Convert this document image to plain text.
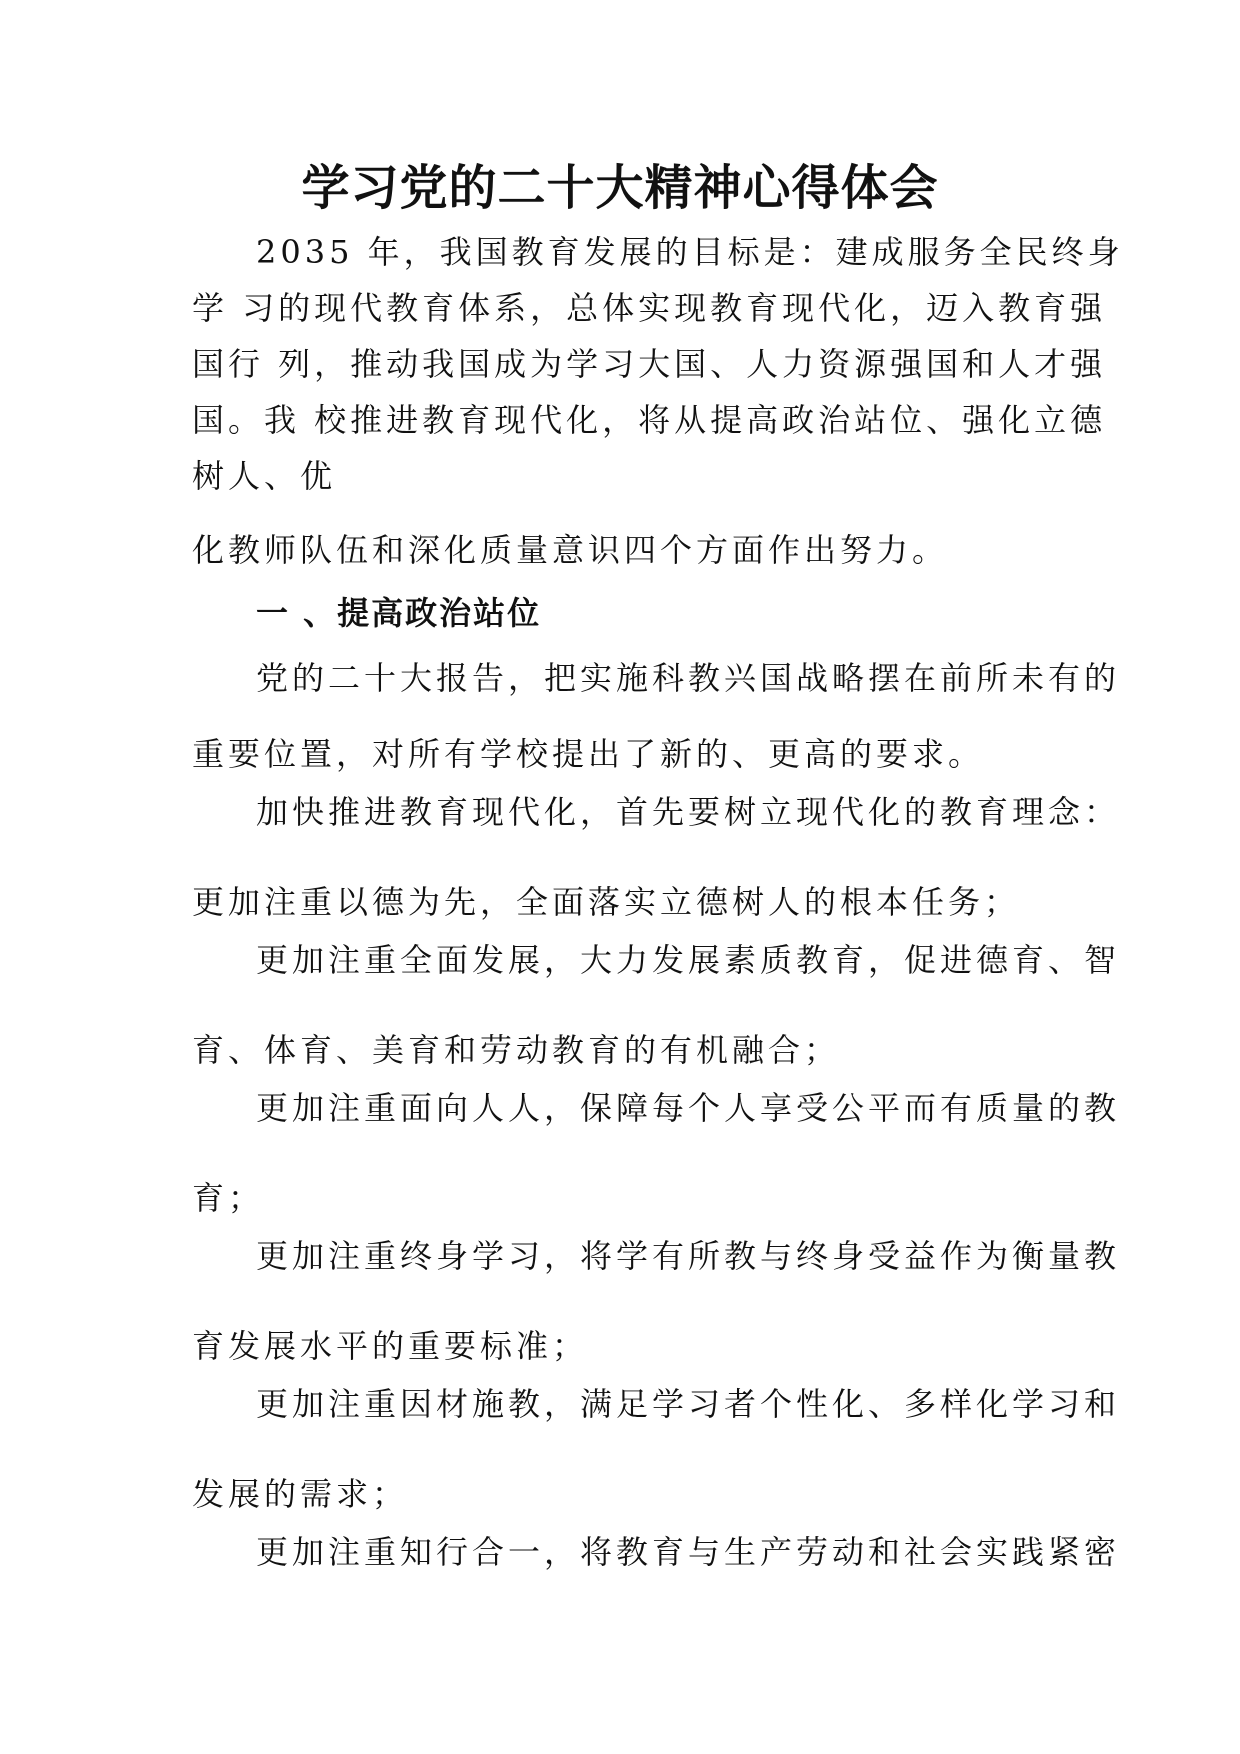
学习党的二十大精神心得体会
2035 年，我国教育发展的目标是：建成服务全民终身
学 习的现代教育体系，总体实现教育现代化，迈入教育强
国行 列，推动我国成为学习大国、人力资源强国和人才强
国。我 校推进教育现代化，将从提高政治站位、强化立德
树人、优
化教师队伍和深化质量意识四个方面作出努力。
一 、提高政治站位
党的二十大报告，把实施科教兴国战略摆在前所未有的
重要位置，对所有学校提出了新的、更高的要求。
加快推进教育现代化，首先要树立现代化的教育理念：
更加注重以德为先，全面落实立德树人的根本任务；
更加注重全面发展，大力发展素质教育，促进德育、智
育、体育、美育和劳动教育的有机融合；
更加注重面向人人，保障每个人享受公平而有质量的教
育；
更加注重终身学习，将学有所教与终身受益作为衡量教
育发展水平的重要标准；
更加注重因材施教，满足学习者个性化、多样化学习和
发展的需求；
更加注重知行合一，将教育与生产劳动和社会实践紧密
